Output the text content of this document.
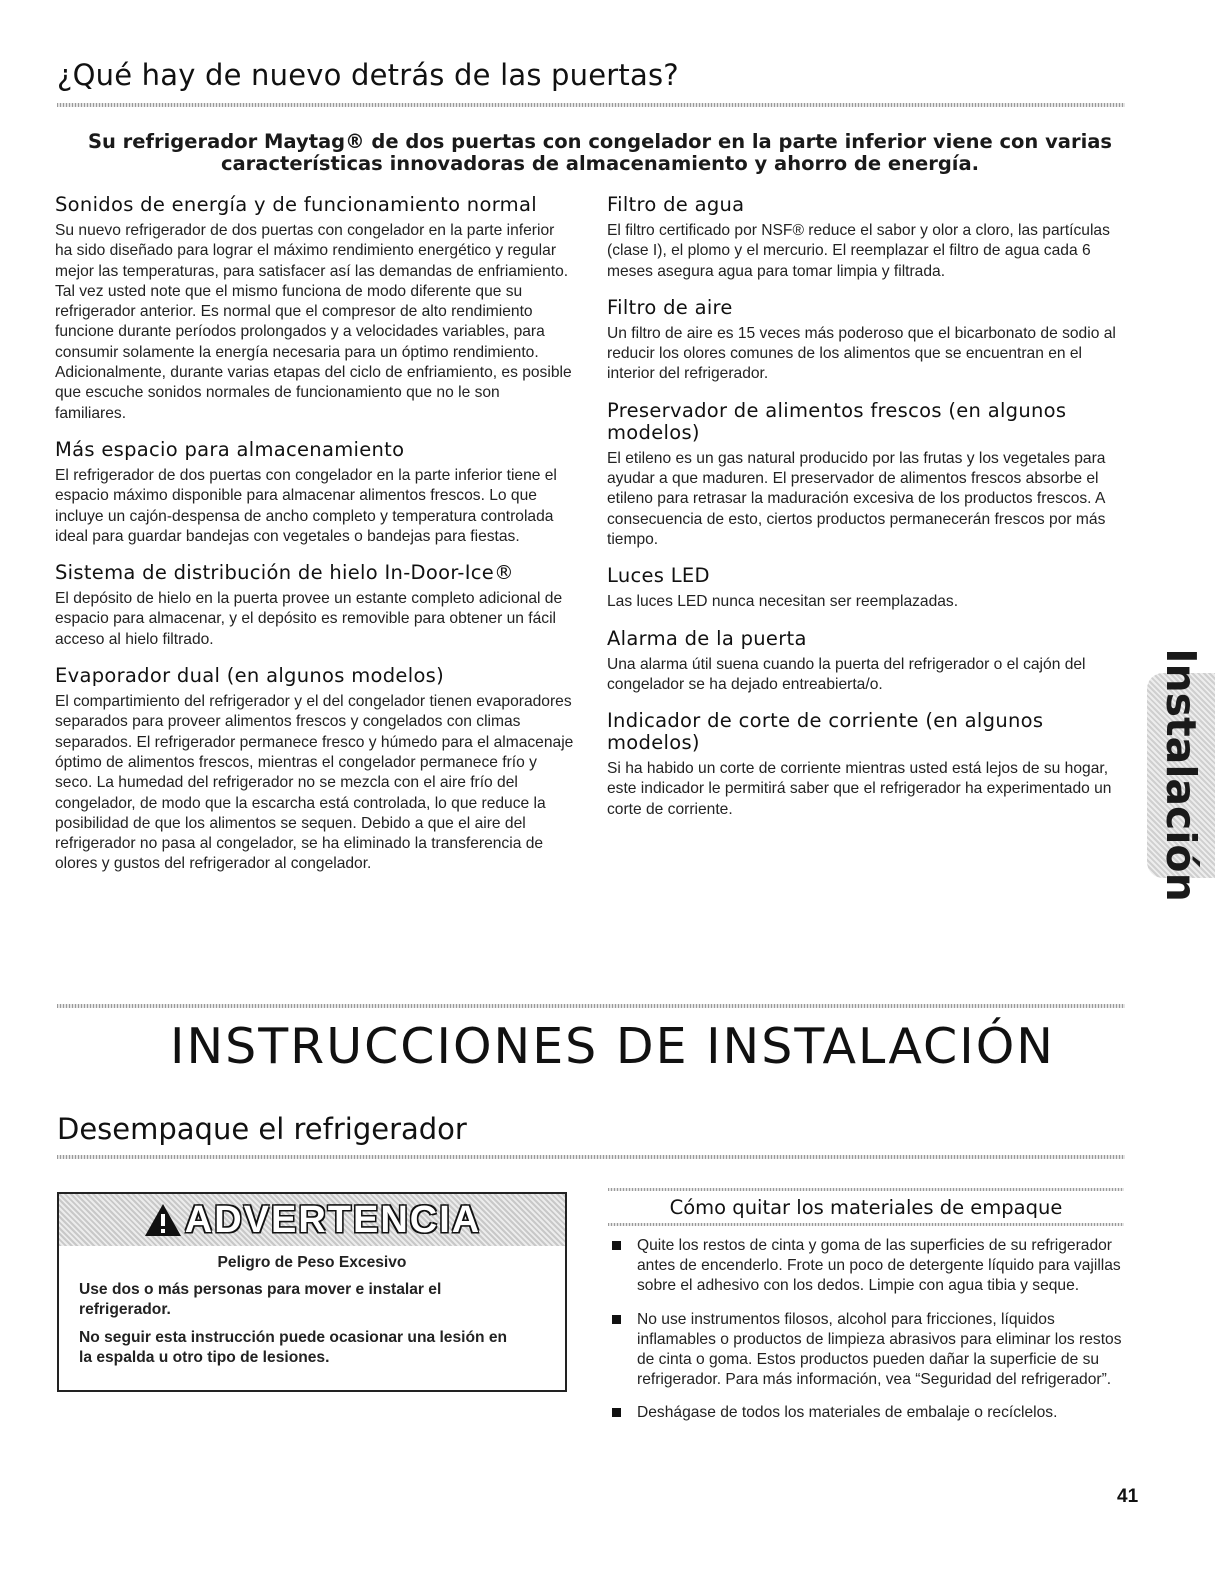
¿Qué hay de nuevo detrás de las puertas?

Su refrigerador Maytag® de dos puertas con congelador en la parte inferior viene con varias características innovadoras de almacenamiento y ahorro de energía.

Sonidos de energía y de funcionamiento normal

Su nuevo refrigerador de dos puertas con congelador en la parte inferior ha sido diseñado para lograr el máximo rendimiento energético y regular mejor las temperaturas, para satisfacer así las demandas de enfriamiento. Tal vez usted note que el mismo funciona de modo diferente que su refrigerador anterior. Es normal que el compresor de alto rendimiento funcione durante períodos prolongados y a velocidades variables, para consumir solamente la energía necesaria para un óptimo rendimiento. Adicionalmente, durante varias etapas del ciclo de enfriamiento, es posible que escuche sonidos normales de funcionamiento que no le son familiares.

Más espacio para almacenamiento

El refrigerador de dos puertas con congelador en la parte inferior tiene el espacio máximo disponible para almacenar alimentos frescos. Lo que incluye un cajón-despensa de ancho completo y temperatura controlada ideal para guardar bandejas con vegetales o bandejas para fiestas.

Sistema de distribución de hielo In-Door-Ice®

El depósito de hielo en la puerta provee un estante completo adicional de espacio para almacenar, y el depósito es removible para obtener un fácil acceso al hielo filtrado.

Evaporador dual (en algunos modelos)

El compartimiento del refrigerador y el del congelador tienen evaporadores separados para proveer alimentos frescos y congelados con climas separados. El refrigerador permanece fresco y húmedo para el almacenaje óptimo de alimentos frescos, mientras el congelador permanece frío y seco. La humedad del refrigerador no se mezcla con el aire frío del congelador, de modo que la escarcha está controlada, lo que reduce la posibilidad de que los alimentos se sequen. Debido a que el aire del refrigerador no pasa al congelador, se ha eliminado la transferencia de olores y gustos del refrigerador al congelador.

Filtro de agua

El filtro certificado por NSF® reduce el sabor y olor a cloro, las partículas (clase I), el plomo y el mercurio. El reemplazar el filtro de agua cada 6 meses asegura agua para tomar limpia y filtrada.

Filtro de aire

Un filtro de aire es 15 veces más poderoso que el bicarbonato de sodio al reducir los olores comunes de los alimentos que se encuentran en el interior del refrigerador.

Preservador de alimentos frescos (en algunos modelos)

El etileno es un gas natural producido por las frutas y los vegetales para ayudar a que maduren. El preservador de alimentos frescos absorbe el etileno para retrasar la maduración excesiva de los productos frescos. A consecuencia de esto, ciertos productos permanecerán frescos por más tiempo.

Luces LED

Las luces LED nunca necesitan ser reemplazadas.

Alarma de la puerta

Una alarma útil suena cuando la puerta del refrigerador o el cajón del congelador se ha dejado entreabierta/o.

Indicador de corte de corriente (en algunos modelos)

Si ha habido un corte de corriente mientras usted está lejos de su hogar, este indicador le permitirá saber que el refrigerador ha experimentado un corte de corriente.	Instalación
INSTRUCCIONES DE INSTALACIÓN
Desempaque el refrigerador
ADVERTENCIA

Peligro de Peso Excesivo

Use dos o más personas para mover e instalar el refrigerador.

No seguir esta instrucción puede ocasionar una lesión en la espalda u otro tipo de lesiones.

Cómo quitar los materiales de empaque
Quite los restos de cinta y goma de las superficies de su refrigerador antes de encenderlo. Frote un poco de detergente líquido para vajillas sobre el adhesivo con los dedos. Limpie con agua tibia y seque.
No use instrumentos filosos, alcohol para fricciones, líquidos inflamables o productos de limpieza abrasivos para eliminar los restos de cinta o goma. Estos productos pueden dañar la superficie de su refrigerador. Para más información, vea “Seguridad del refrigerador”.
Deshágase de todos los materiales de embalaje o recíclelos.

41
